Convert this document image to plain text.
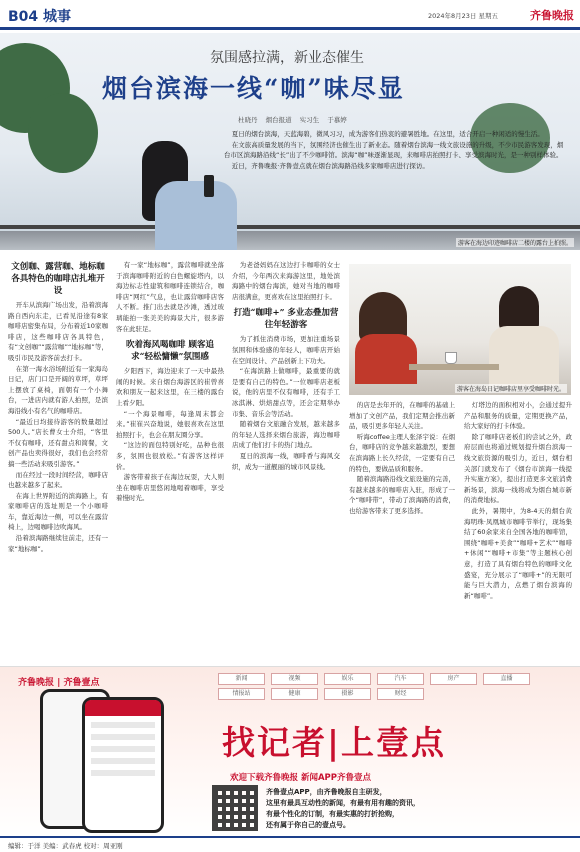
B04 城事	2024年8月23日 星期五	齐鲁晚报
氛围感拉满，新业态催生
烟台滨海一线“咖”味尽显
杜晓丹 烟台报道 实习生 于慕婷

夏日的烟台滨海，天蓝海碧，微风习习，成为游客们热衷的避暑胜地。在这里，适合开启一种闲适的慢生活。

在文旅高质量发展的当下，氛围经济也催生出了新业态。随着烟台滨海一线文旅设施的升级，不少市民游客发现，烟台市区滨海路沿线“长”出了不少咖啡馆。滨海“咖”味逐渐显现，来咖啡店拍照打卡、享受滨海时光，是一种别样体验。

近日，齐鲁晚报·齐鲁壹点就在烟台滨海路沿线多家咖啡店进行探访。

游客在海边印迹咖啡店二楼的露台上拍照。
文创咖、露营咖、地标咖 各具特色的咖啡店扎堆开设

开车从滨海广场出发，沿着滨海路自西向东走，已看见沿途有8家咖啡店密集布局，分布着近10家咖啡店，这些咖啡店各具特色，有“文创咖”“露营咖”“地标咖”等，吸引市民及游客前去打卡。

在第一海水浴场附近有一家海岛日记，店门口是开阔的草坪，草坪上摆放了桌椅，面朝有一个小舞台，一进店内就有游人拍照，是滨海沿线小有名气的咖啡店。

“最近日均接待游客的数量超过500人。”店长曹女士介绍，“客里不仅有咖啡，还有甜点和简餐，文创产品也卖得很好，我们也会经常搞一些活动来吸引游客。”

而在经过一段时间经营，咖啡店也越来越多了起来。

在海上世界附近的滨海路上，有家咖啡店的选址则是一个小咖啡车，靠近海边一侧，可以坐在露营椅上，边喝咖啡边吹海风。

沿着滨海路继续往前走，还有一家“地标咖”。

有一家“地标咖”，露营咖啡就坐落于滨海咖啡附近的白色螺旋塔内，以海边标志性建筑和咖啡连锁结合，咖啡店“网红”气息，也让露营咖啡店客人不断。推门出去就是沙滩，透过玻璃能拍一张美美的海景大片，很多游客在此驻足。

吹着海风喝咖啡 顾客追求“轻松慵懒”氛围感

夕阳西下，海边迎来了一天中最热闹的时候。来自烟台海游区的崔曾喜欢和朋友一起来这里，在三楼的露台上看夕阳。

“一个海景咖啡，每逢周末都会来。”崔崔兴奋地说，她很喜欢在这里拍照打卡，也会在朋友圈分享。

“这边的面包特别好吃，品种也很多，氛围也很放松。”有游客这样评价。

游客带着孩子在海边玩耍，大人则坐在咖啡店里悠闲地喝着咖啡，享受着慢时光。

为老爸妈妈在这边打卡咖啡的女士介绍，今年两次来海游这里，地处滨海路中的烟台海滨，她对当地的咖啡店很满意，更喜欢在这里拍照打卡。

打造“咖啡+” 多业态叠加营往年轻游客

为了抓住消费市场，更加注重场景氛围和体验感的年轻人，咖啡店开始在空间设计、产品创新上下功夫。

“在海滨路上做咖啡，最重要的就是要有自己的特色。”一位咖啡店老板说，他的店里不仅有咖啡，还有手工冰淇淋、烘焙甜点等，还会定期举办市集、音乐会等活动。

随着烟台文旅融合发展，越来越多的年轻人选择来烟台旅游，海边咖啡店成了他们打卡的热门地点。

夏日的滨海一线，咖啡香与海风交织，成为一道靓丽的城市风景线。

游客在海岛日记咖啡店里享受咖啡时光。

的店是去年开的，在咖啡的基础上增加了文创产品，我们定期会推出新品，吸引更多年轻人关注。

听海coffee主理人张泽宇说：在烟台，咖啡店的竞争越来越激烈，要想在滨海路上长久经营，一定要有自己的特色，要做品质和服务。

随着滨海路沿线文旅设施的完善，有越来越多的咖啡店入驻，形成了一个“咖啡带”，带动了滨海路的消费，也给游客带来了更多选择。

灯塔边的面积相对小，会通过提升产品和服务的质量，定期更换产品，给大家好的打卡体验。

除了咖啡店老板们的尝试之外，政府层面也将通过规划提升烟台滨海一线文旅资源的吸引力，近日，烟台相关部门就发布了《烟台市滨海一线提升实施方案》，提出打造更多文旅消费新场景，滨海一线将成为烟台城市新的消费地标。

此外，暑期中，为8-4天的烟台黄海明珠·凤凰城市咖啡节举行，现场集结了60余家来自全国各地的咖啡馆，围绕“咖啡+美食”“咖啡+艺术”“咖啡+休闲”“咖啡+市集”等主题核心创意，打造了具有烟台特色的咖啡文化盛宴，充分展示了“咖啡+”的无限可能与巨大潜力，点燃了烟台滨海的新“咖啡”。

齐鲁晚报 | 齐鲁壹点	新闻	视频	娱乐	汽车	房产	直播
情报站	健康	摄影	财经
找记者|上壹点
欢迎下载齐鲁晚报 新闻APP齐鲁壹点
齐鲁壹点APP，由齐鲁晚报自主研发，
这里有最具互动性的新闻，有最有用有趣的资讯，
有最个性化的订制，有最实惠的打折抢购，
还有属于你自己的壹点号。
编辑：于洋 美编：武春虎 校对：周亚刚
